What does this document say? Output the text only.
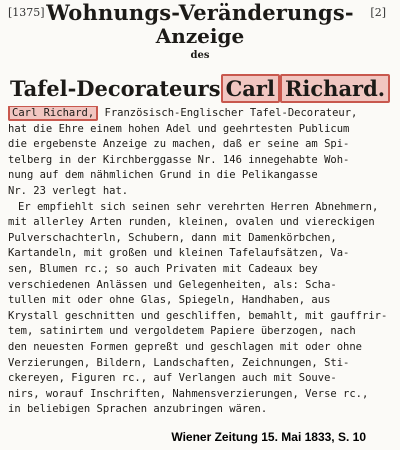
[1375]	[2]
Wohnungs-Veränderungs-
Anzeige
des
Tafel-Decorateurs Carl Richard.
Carl Richard, Französisch-Englischer Tafel-Decorateur,
hat die Ehre einem hohen Adel und geehrtesten Publicum
die ergebenste Anzeige zu machen, daß er seine am Spi-
telberg in der Kirchberggasse Nr. 146 innegehabte Woh-
nung auf dem nähmlichen Grund in die Pelikangasse
Nr. 23 verlegt hat.
Er empfiehlt sich seinen sehr verehrten Herren Abnehmern,
mit allerley Arten runden, kleinen, ovalen und viereckigen
Pulverschachterln, Schubern, dann mit Damenkörbchen,
Kartandeln, mit großen und kleinen Tafelaufsätzen, Va-
sen, Blumen rc.; so auch Privaten mit Cadeaux bey
verschiedenen Anlässen und Gelegenheiten, als: Scha-
tullen mit oder ohne Glas, Spiegeln, Handhaben, aus
Krystall geschnitten und geschliffen, bemahlt, mit gauffrir-
tem, satinirtem und vergoldetem Papiere überzogen, nach
den neuesten Formen gepreßt und geschlagen mit oder ohne
Verzierungen, Bildern, Landschaften, Zeichnungen, Sti-
ckereyen, Figuren rc., auf Verlangen auch mit Souve-
nirs, worauf Inschriften, Nahmensverzierungen, Verse rc.,
in beliebigen Sprachen anzubringen wären.
Wiener Zeitung 15. Mai 1833, S. 10
